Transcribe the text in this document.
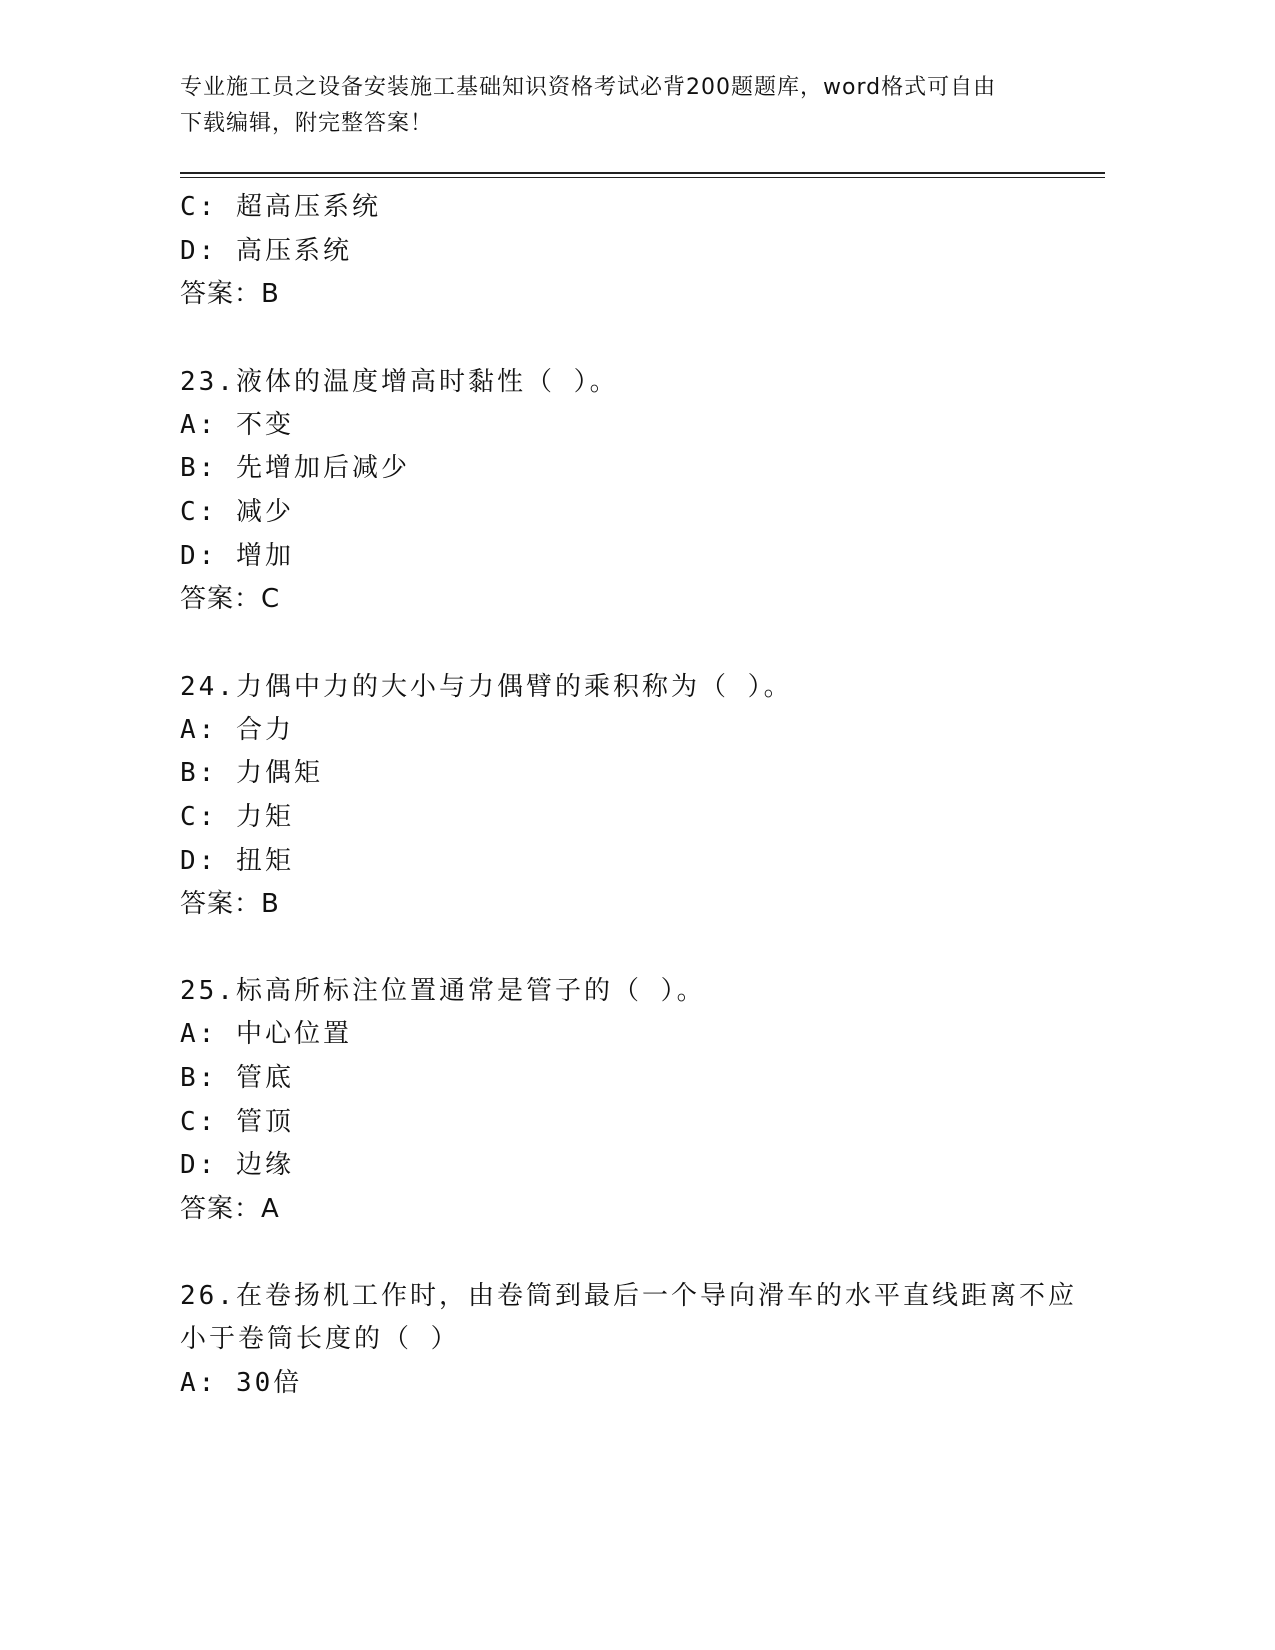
专业施工员之设备安装施工基础知识资格考试必背200题题库，word格式可自由
下载编辑，附完整答案！
C: 超高压系统
D: 高压系统
答案：B
23.液体的温度增高时黏性（ ）。
A: 不变
B: 先增加后减少
C: 减少
D: 增加
答案：C
24.力偶中力的大小与力偶臂的乘积称为（ ）。
A: 合力
B: 力偶矩
C: 力矩
D: 扭矩
答案：B
25.标高所标注位置通常是管子的（ ）。
A: 中心位置
B: 管底
C: 管顶
D: 边缘
答案：A
26.在卷扬机工作时，由卷筒到最后一个导向滑车的水平直线距离不应
小于卷筒长度的（ ）
A: 30倍
